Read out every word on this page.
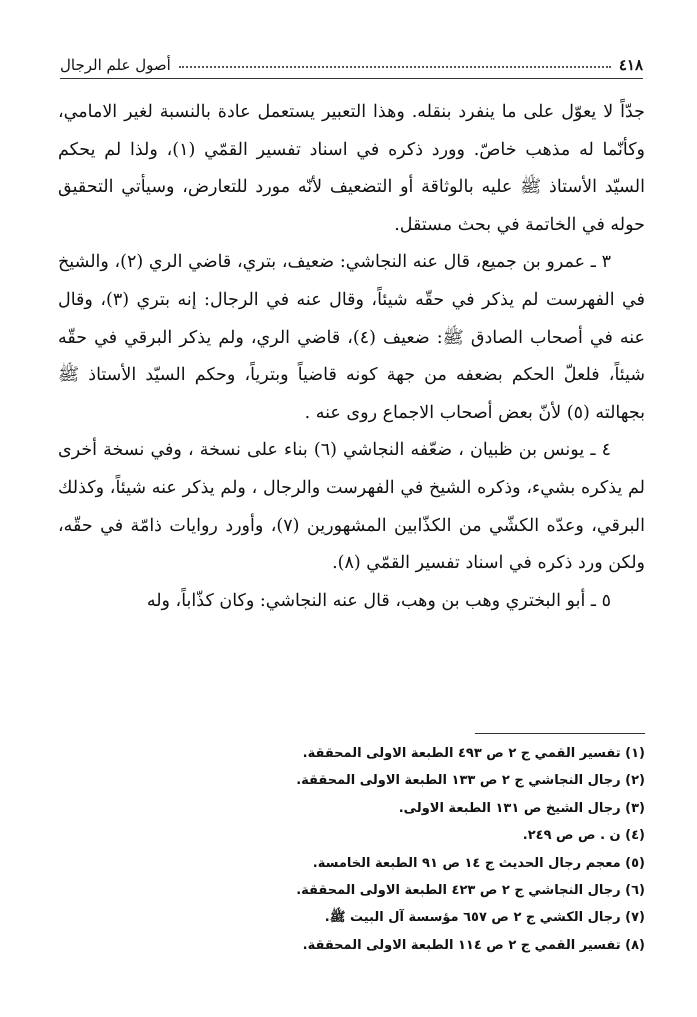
٤١٨
أصول علم الرجال

جدّاً لا يعوّل على ما ينفرد بنقله. وهذا التعبير يستعمل عادة بالنسبة لغير الامامي، وكأنّما له مذهب خاصّ. وورد ذكره في اسناد تفسير القمّي (١)، ولذا لم يحكم السيّد الأستاذ ﷺ عليه بالوثاقة أو التضعيف لأنّه مورد للتعارض، وسيأتي التحقيق حوله في الخاتمة في بحث مستقل.

٣ ـ عمرو بن جميع، قال عنه النجاشي: ضعيف، بتري، قاضي الري (٢)، والشيخ في الفهرست لم يذكر في حقّه شيئاً، وقال عنه في الرجال: إنه بتري (٣)، وقال عنه في أصحاب الصادق ﷺ: ضعيف (٤)، قاضي الري، ولم يذكر البرقي في حقّه شيئاً، فلعلّ الحكم بضعفه من جهة كونه قاضياً وبترياً، وحكم السيّد الأستاذ ﷺ بجهالته (٥) لأنّ بعض أصحاب الاجماع روى عنه .

٤ ـ يونس بن ظبيان ، ضعّفه النجاشي (٦) بناء على نسخة ، وفي نسخة أخرى لم يذكره بشيء، وذكره الشيخ في الفهرست والرجال ، ولم يذكر عنه شيئاً، وكذلك البرقي، وعدّه الكشّي من الكذّابين المشهورين (٧)، وأورد روايات ذامّة في حقّه، ولكن ورد ذكره في اسناد تفسير القمّي (٨).

٥ ـ أبو البختري وهب بن وهب، قال عنه النجاشي: وكان كذّاباً، وله

(١) تفسير القمي ج ٢ ص ٤٩٣ الطبعة الاولى المحققة.
(٢) رجال النجاشي ج ٢ ص ١٣٣ الطبعة الاولى المحققة.
(٣) رجال الشيخ ص ١٣١ الطبعة الاولى.
(٤) ن . ص ص ٢٤٩.
(٥) معجم رجال الحديث ج ١٤ ص ٩١ الطبعة الخامسة.
(٦) رجال النجاشي ج ٢ ص ٤٢٣ الطبعة الاولى المحققة.
(٧) رجال الكشي ج ٢ ص ٦٥٧ مؤسسة آل البيت ﷺ.
(٨) تفسير القمي ج ٢ ص ١١٤ الطبعة الاولى المحققة.
